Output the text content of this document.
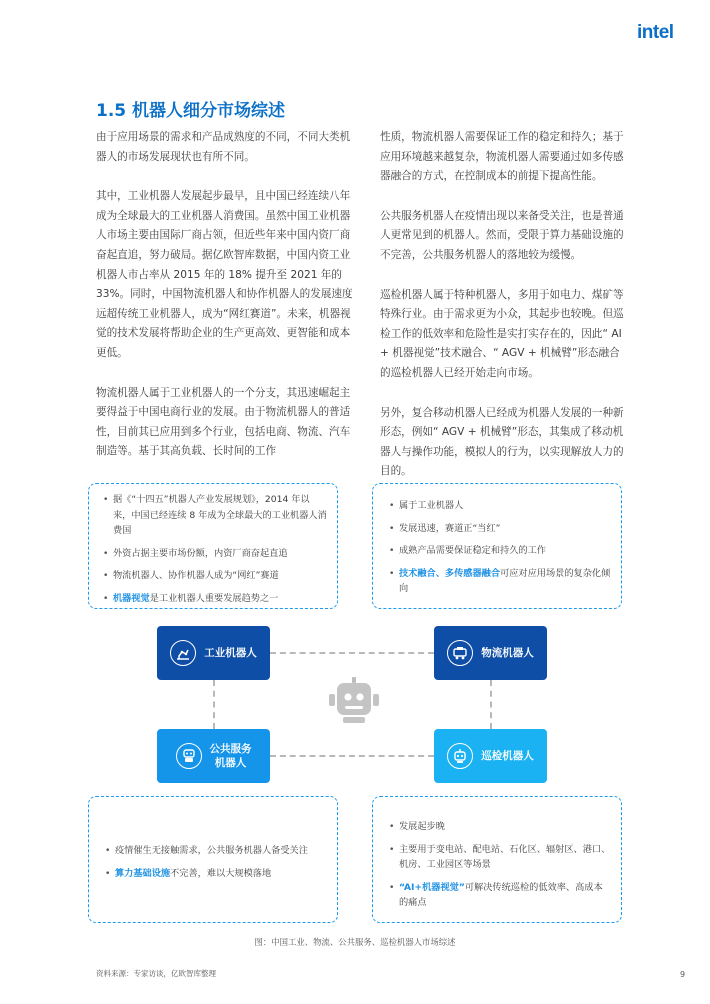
intel
1.5 机器人细分市场综述

由于应用场景的需求和产品成熟度的不同，不同大类机器人的市场发展现状也有所不同。

其中，工业机器人发展起步最早，且中国已经连续八年成为全球最大的工业机器人消费国。虽然中国工业机器人市场主要由国际厂商占领，但近些年来中国内资厂商奋起直追，努力破局。据亿欧智库数据，中国内资工业机器人市占率从 2015 年的 18% 提升至 2021 年的 33%。同时，中国物流机器人和协作机器人的发展速度远超传统工业机器人，成为“网红赛道”。未来，机器视觉的技术发展将帮助企业的生产更高效、更智能和成本更低。

物流机器人属于工业机器人的一个分支，其迅速崛起主要得益于中国电商行业的发展。由于物流机器人的普适性，目前其已应用到多个行业，包括电商、物流、汽车制造等。基于其高负载、长时间的工作

性质，物流机器人需要保证工作的稳定和持久；基于应用环境越来越复杂，物流机器人需要通过如多传感器融合的方式，在控制成本的前提下提高性能。

公共服务机器人在疫情出现以来备受关注，也是普通人更常见到的机器人。然而，受限于算力基础设施的不完善，公共服务机器人的落地较为缓慢。

巡检机器人属于特种机器人，多用于如电力、煤矿等特殊行业。由于需求更为小众，其起步也较晚。但巡检工作的低效率和危险性是实打实存在的，因此“ AI + 机器视觉”技术融合、“ AGV + 机械臂”形态融合的巡检机器人已经开始走向市场。

另外，复合移动机器人已经成为机器人发展的一种新形态，例如“ AGV + 机械臂”形态，其集成了移动机器人与操作功能，模拟人的行为，以实现解放人力的目的。

• 据《“十四五”机器人产业发展规划》，2014 年以来，中国已经连续 8 年成为全球最大的工业机器人消费国
• 外资占据主要市场份额，内资厂商奋起直追
• 物流机器人、协作机器人成为“网红”赛道
• 机器视觉是工业机器人重要发展趋势之一
• 属于工业机器人
• 发展迅速，赛道正“当红”
• 成熟产品需要保证稳定和持久的工作
• 技术融合、多传感器融合可应对应用场景的复杂化倾向
• 疫情催生无接触需求，公共服务机器人备受关注
• 算力基础设施不完善，难以大规模落地
• 发展起步晚
• 主要用于变电站、配电站、石化区、辐射区、港口、机房、工业园区等场景
• “AI+机器视觉”可解决传统巡检的低效率、高成本的痛点
工业机器人	物流机器人
公共服务
机器人
巡检机器人
图：中国工业、物流、公共服务、巡检机器人市场综述
资料来源：专家访谈，亿欧智库整理	9
